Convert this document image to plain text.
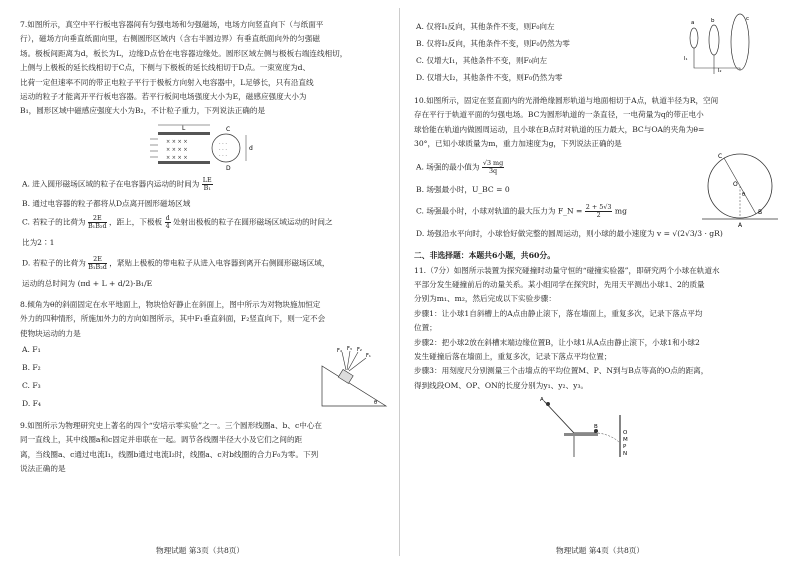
7.如图所示，真空中平行板电容器间有匀强电场和匀强磁场，电场方向竖直向下（与纸面平

行），磁场方向垂直纸面向里，右侧圆形区域内（含右半圆边界）有垂直纸面向外的匀强磁

场。极板间距离为d，板长为L，边缘D点恰在电容器边缘处。圆形区域左侧与极板右端连线相切，

上侧与上极板的延长线相切于C点，下侧与下极板的延长线相切于D点。一束宽度为d、

比荷一定但速率不同的带正电粒子平行于极板方向射入电容器中，L足够长，只有沿直线

运动的粒子才能离开平行板电容器。若平行板间电场强度大小为E，磁感应强度大小为

B₁，圆形区域中磁感应强度大小为B₂，不计粒子重力，下列说法正确的是

L
× × × ×
× × × ×
× × × ×
· · ·
· · ·
· · ·
C
D
d

A. 进入圆形磁场区域的粒子在电容器内运动的时间为 $\frac{LE}{\text{B₁}}$

B. 通过电容器的粒子都将从D点离开圆形磁场区域

C. 若粒子的比荷为 $\frac{2E}{\text{B₁B₂d}}$ ，距上，下极板 $\frac{d}{4}$ 处射出极板的粒子在圆形磁场区域运动的时间之

比为2∶1

D. 若粒子的比荷为 $\frac{2E}{\text{B₁B₂d}}$ ，紧贴上极板的带电粒子从进入电容器到离开右侧圆形磁场区域，

运动的总时间为 (πd + L + d/2)·B₁/E

8.倾角为θ的斜面固定在水平地面上，物块恰好静止在斜面上，图中所示为对物块施加恒定

外力的四种情形，所施加外力的方向如图所示，其中F₁垂直斜面，F₂竖直向下，则一定不会

使物块运动的力是

A. F₁

B. F₂

C. F₃

D. F₄

F₄ F₃ F₂
F₁
θ

9.如图所示为物理研究史上著名的四个“安培示零实验”之一。三个圆形线圈a、b、c中心在

同一直线上，其中线圈a和c固定并串联在一起。调节各线圈半径大小及它们之间的距

离，当线圈a、c通过电流I₁，线圈b通过电流I₂时，线圈a、c对b线圈的合力F₀为零。下列

说法正确的是

物理试题 第3页（共8页）

A. 仅将I₁反向，其他条件不变，则F₀向左

B. 仅将I₂反向，其他条件不变，则F₀仍然为零

C. 仅增大I₁，其他条件不变，则F₀向左

D. 仅增大I₂，其他条件不变，则F₀仍然为零

a	b	c
I₁
I₂

10.如图所示，固定在竖直面内的光滑绝缘圆形轨道与地面相切于A点，轨道半径为R，空间

存在平行于轨道平面的匀强电场。BC为圆形轨道的一条直径，一电荷量为q的带正电小

球恰能在轨道内做圆周运动，且小球在B点时对轨道的压力最大，BC与OA的夹角为θ=

30°，已知小球质量为m，重力加速度为g，下列说法正确的是

A. 场强的最小值为 $\frac{√3 mg}{3q}$

B. 场强最小时，U_BC = 0

C. 场强最小时，小球对轨道的最大压力为 F_N = $\frac{2 + 5√3}{2}$ mg

D. 场强沿水平向时，小球恰好做完整的圆周运动，则小球的最小速度为 v = √(2√3/3 · gR)

C
O
θ
B
A

二、非选择题：本题共6小题，共60分。

11.（7分）如图所示装置为探究碰撞时动量守恒的“碰撞实验器”，即研究两个小球在轨道水

平部分发生碰撞前后的动量关系。某小组同学在探究时，先用天平测出小球1、2的质量

分别为m₁、m₂，然后完成以下实验步骤：

步骤1：让小球1自斜槽上的A点由静止滚下，落在墙面上，重复多次，记录下落点平均

位置；

步骤2：把小球2放在斜槽末端边缘位置B，让小球1从A点由静止滚下，小球1和小球2

发生碰撞后落在墙面上，重复多次，记录下落点平均位置；

步骤3：用刻度尺分别测量三个击墙点的平均位置M、P、N到与B点等高的O点的距离，

得到线段OM、OP、ON的长度分别为y₁、y₂、y₃。

A
B
O
M
P
N
物理试题 第4页（共8页）
